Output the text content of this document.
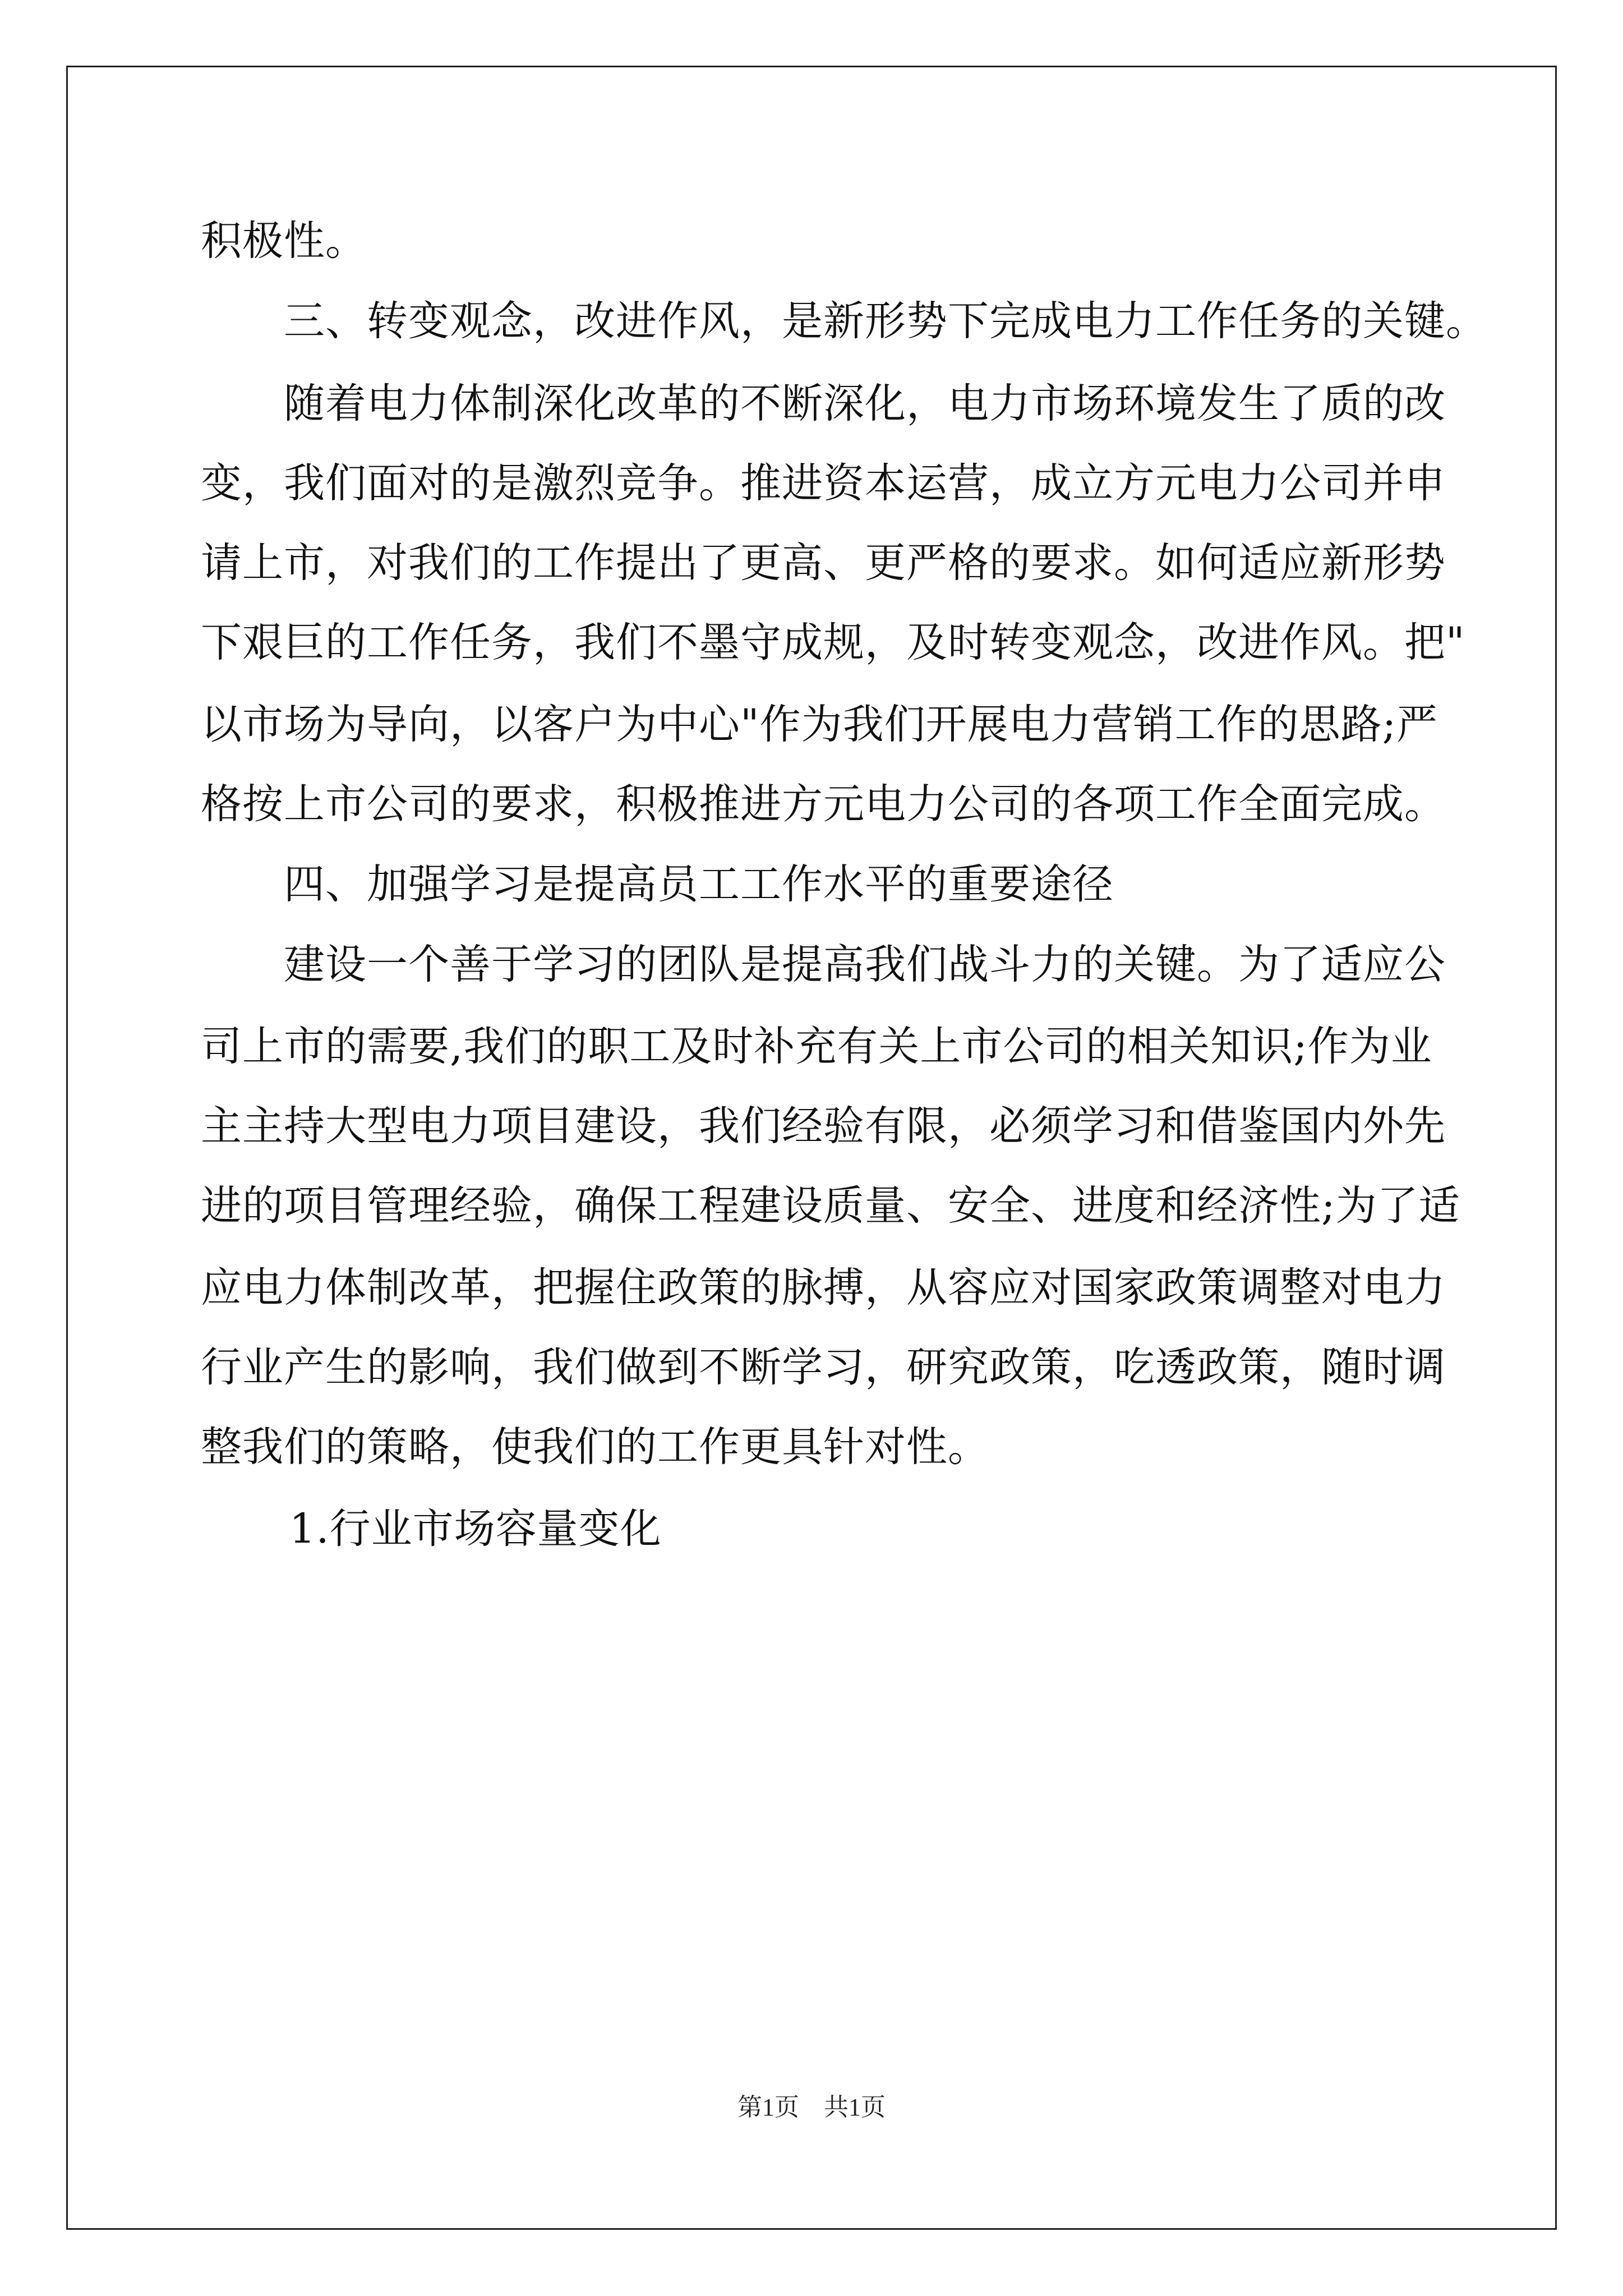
积极性。
三、转变观念，改进作风，是新形势下完成电力工作任务的关键。
随着电力体制深化改革的不断深化，电力市场环境发生了质的改
变，我们面对的是激烈竞争。推进资本运营，成立方元电力公司并申
请上市，对我们的工作提出了更高、更严格的要求。如何适应新形势
下艰巨的工作任务，我们不墨守成规，及时转变观念，改进作风。把"
以市场为导向，以客户为中心"作为我们开展电力营销工作的思路;严
格按上市公司的要求，积极推进方元电力公司的各项工作全面完成。
四、加强学习是提高员工工作水平的重要途径
建设一个善于学习的团队是提高我们战斗力的关键。为了适应公
司上市的需要,我们的职工及时补充有关上市公司的相关知识;作为业
主主持大型电力项目建设，我们经验有限，必须学习和借鉴国内外先
进的项目管理经验，确保工程建设质量、安全、进度和经济性;为了适
应电力体制改革，把握住政策的脉搏，从容应对国家政策调整对电力
行业产生的影响，我们做到不断学习，研究政策，吃透政策，随时调
整我们的策略，使我们的工作更具针对性。
1.行业市场容量变化
第1页　共1页
